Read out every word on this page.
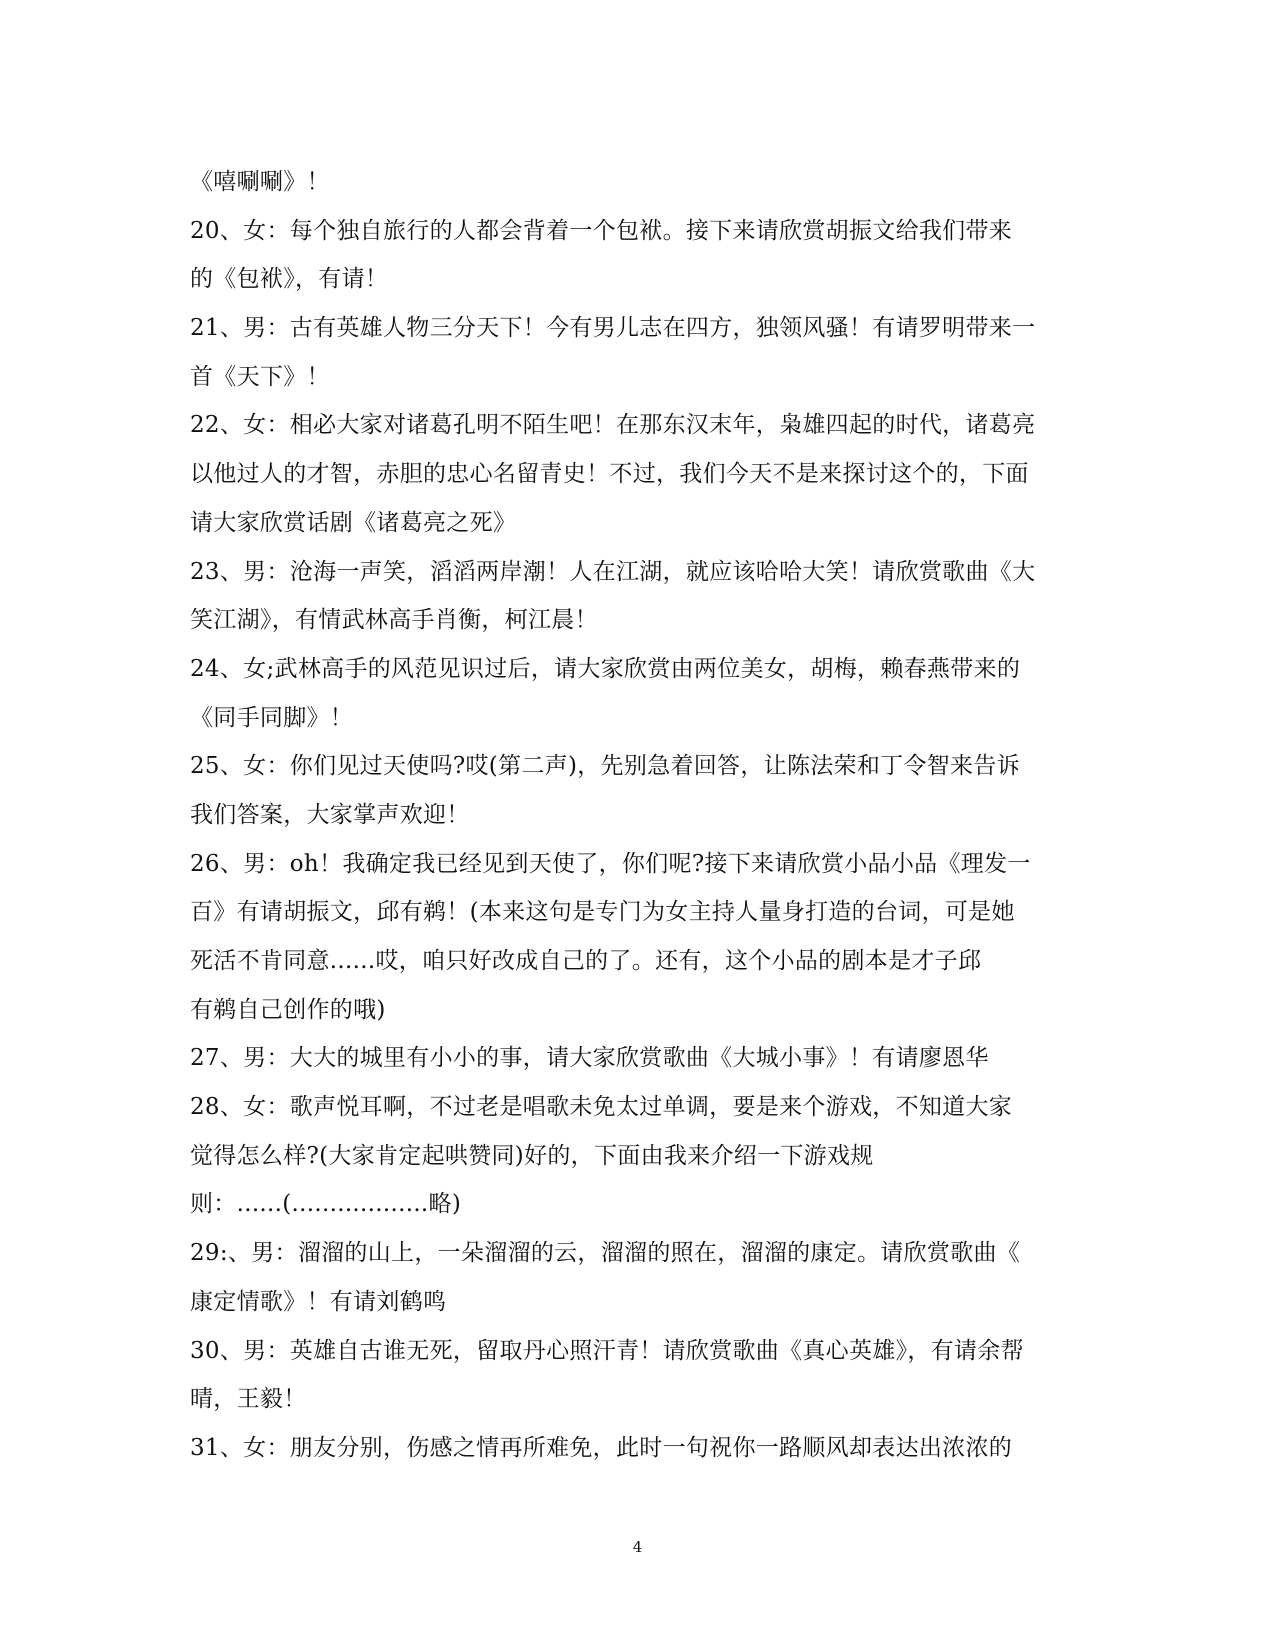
《嘻唰唰》！
20、女：每个独自旅行的人都会背着一个包袱。接下来请欣赏胡振文给我们带来
的《包袱》，有请！
21、男：古有英雄人物三分天下！今有男儿志在四方，独领风骚！有请罗明带来一
首《天下》！
22、女：相必大家对诸葛孔明不陌生吧！在那东汉末年，枭雄四起的时代，诸葛亮
以他过人的才智，赤胆的忠心名留青史！不过，我们今天不是来探讨这个的，下面
请大家欣赏话剧《诸葛亮之死》
23、男：沧海一声笑，滔滔两岸潮！人在江湖，就应该哈哈大笑！请欣赏歌曲《大
笑江湖》，有情武林高手肖衡，柯江晨！
24、女;武林高手的风范见识过后，请大家欣赏由两位美女，胡梅，赖春燕带来的
《同手同脚》！
25、女：你们见过天使吗?哎(第二声)，先别急着回答，让陈法荣和丁令智来告诉
我们答案，大家掌声欢迎！
26、男：oh！我确定我已经见到天使了，你们呢?接下来请欣赏小品小品《理发一
百》有请胡振文，邱有鹈！(本来这句是专门为女主持人量身打造的台词，可是她
死活不肯同意......哎，咱只好改成自己的了。还有，这个小品的剧本是才子邱
有鹈自己创作的哦)
27、男：大大的城里有小小的事，请大家欣赏歌曲《大城小事》！有请廖恩华
28、女：歌声悦耳啊，不过老是唱歌未免太过单调，要是来个游戏，不知道大家
觉得怎么样?(大家肯定起哄赞同)好的，下面由我来介绍一下游戏规
则：......(..................略)
29:、男：溜溜的山上，一朵溜溜的云，溜溜的照在，溜溜的康定。请欣赏歌曲《
康定情歌》！有请刘鹤鸣
30、男：英雄自古谁无死，留取丹心照汗青！请欣赏歌曲《真心英雄》，有请余帮
晴，王毅！
31、女：朋友分别，伤感之情再所难免，此时一句祝你一路顺风却表达出浓浓的
4
